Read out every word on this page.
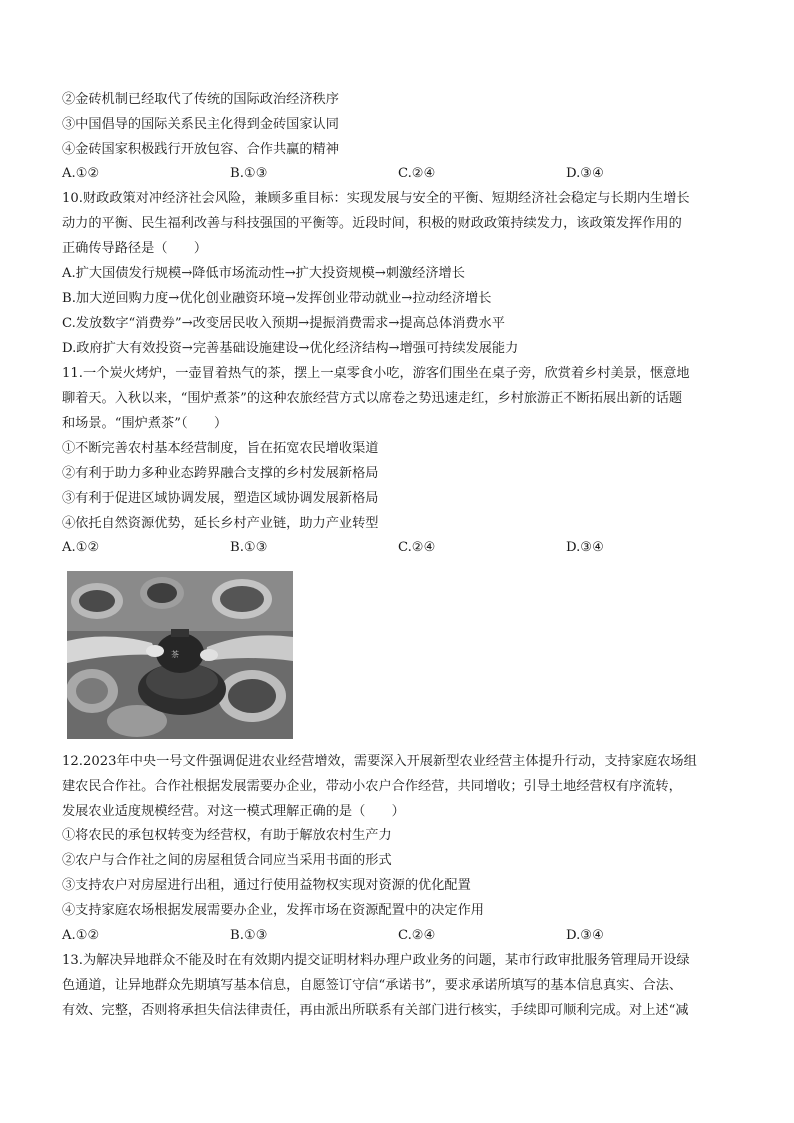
②金砖机制已经取代了传统的国际政治经济秩序
③中国倡导的国际关系民主化得到金砖国家认同
④金砖国家积极践行开放包容、合作共赢的精神
A.①②	B.①③	C.②④	D.③④
10.财政政策对冲经济社会风险，兼顾多重目标：实现发展与安全的平衡、短期经济社会稳定与长期内生增长
动力的平衡、民生福利改善与科技强国的平衡等。近段时间，积极的财政政策持续发力，该政策发挥作用的
正确传导路径是（　　）
A.扩大国债发行规模→降低市场流动性→扩大投资规模→刺激经济增长
B.加大逆回购力度→优化创业融资环境→发挥创业带动就业→拉动经济增长
C.发放数字“消费券”→改变居民收入预期→提振消费需求→提高总体消费水平
D.政府扩大有效投资→完善基础设施建设→优化经济结构→增强可持续发展能力
11.一个炭火烤炉，一壶冒着热气的茶，摆上一桌零食小吃，游客们围坐在桌子旁，欣赏着乡村美景，惬意地
聊着天。入秋以来，“围炉煮茶”的这种农旅经营方式以席卷之势迅速走红，乡村旅游正不断拓展出新的话题
和场景。“围炉煮茶”（　　）
①不断完善农村基本经营制度，旨在拓宽农民增收渠道
②有利于助力多种业态跨界融合支撑的乡村发展新格局
③有利于促进区域协调发展，塑造区域协调发展新格局
④依托自然资源优势，延长乡村产业链，助力产业转型
A.①②	B.①③	C.②④	D.③④
茶
12.2023年中央一号文件强调促进农业经营增效，需要深入开展新型农业经营主体提升行动，支持家庭农场组
建农民合作社。合作社根据发展需要办企业，带动小农户合作经营，共同增收；引导土地经营权有序流转，
发展农业适度规模经营。对这一模式理解正确的是（　　）
①将农民的承包权转变为经营权，有助于解放农村生产力
②农户与合作社之间的房屋租赁合同应当采用书面的形式
③支持农户对房屋进行出租，通过行使用益物权实现对资源的优化配置
④支持家庭农场根据发展需要办企业，发挥市场在资源配置中的决定作用
A.①②	B.①③	C.②④	D.③④
13.为解决异地群众不能及时在有效期内提交证明材料办理户政业务的问题，某市行政审批服务管理局开设绿
色通道，让异地群众先期填写基本信息，自愿签订守信“承诺书”，要求承诺所填写的基本信息真实、合法、
有效、完整，否则将承担失信法律责任，再由派出所联系有关部门进行核实，手续即可顺利完成。对上述“减
